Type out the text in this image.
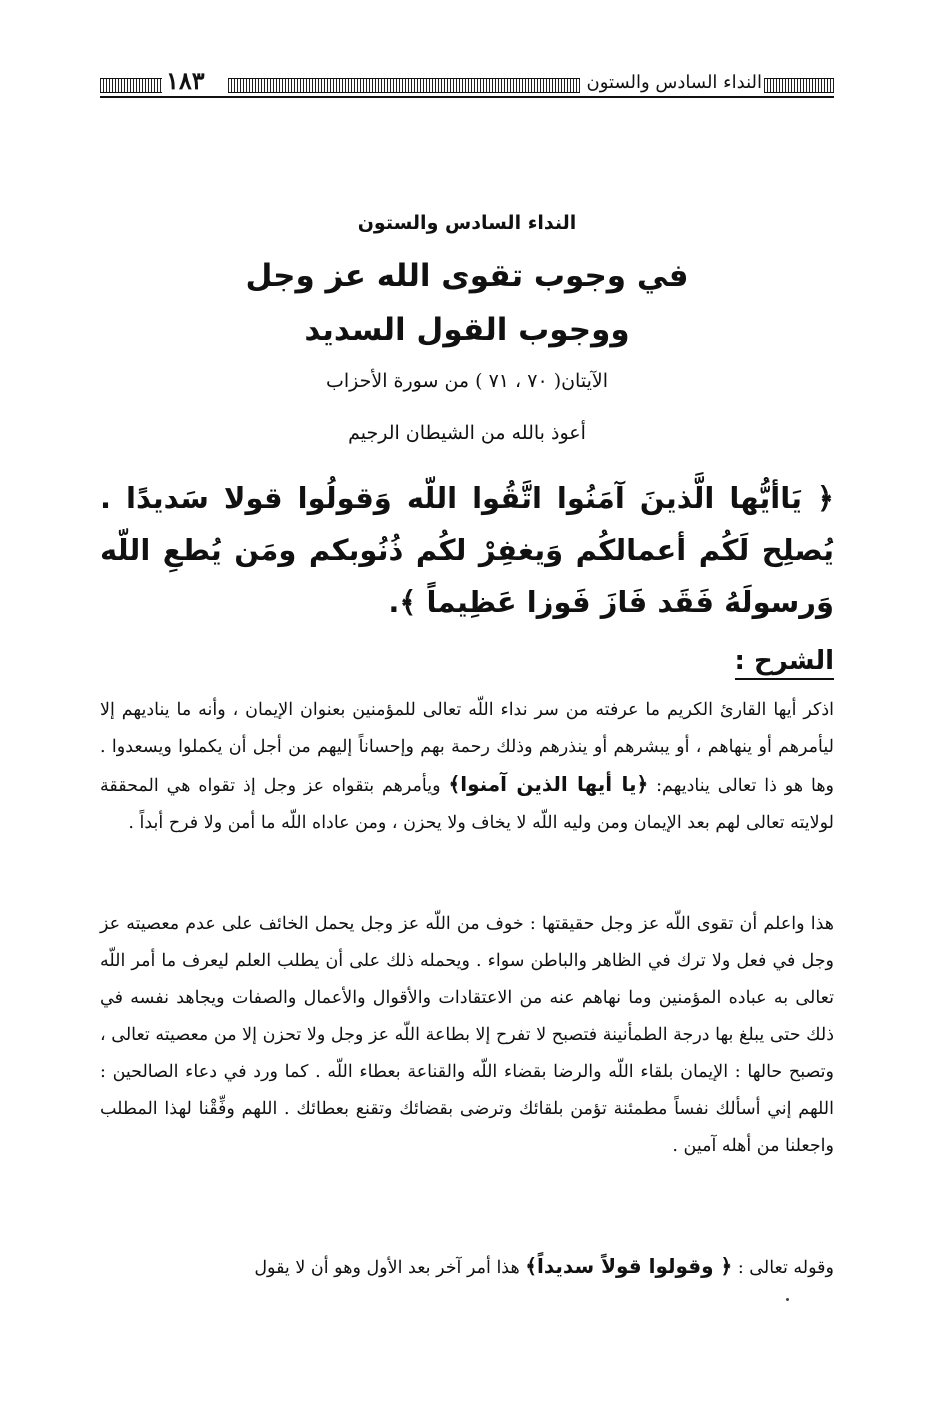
النداء السادس والستون
١٨٣
النداء السادس والستون
في وجوب تقوى الله عز وجل
ووجوب القول السديد
الآيتان( ٧٠ ، ٧١ ) من سورة الأحزاب
أعوذ بالله من الشيطان الرجيم
﴿ يَاأيُّها الَّذينَ آمَنُوا اتَّقُوا اللّه وَقولُوا قولا سَديدًا . يُصلِح لَكُم أعمالكُم وَيغفِرْ لكُم ذُنُوبكم ومَن يُطعِ اللّه وَرسولَهُ فَقَد فَازَ فَوزا عَظِيماً ﴾.
الشرح :
اذكر أيها القارئ الكريم ما عرفته من سر نداء اللّه تعالى للمؤمنين بعنوان الإيمان ، وأنه ما يناديهم إلا ليأمرهم أو ينهاهم ، أو يبشرهم أو ينذرهم وذلك رحمة بهم وإحساناً إليهم من أجل أن يكملوا ويسعدوا . وها هو ذا تعالى يناديهم: ﴿يا أيها الذين آمنوا﴾ ويأمرهم بتقواه عز وجل إذ تقواه هي المحققة لولايته تعالى لهم بعد الإيمان ومن وليه اللّه لا يخاف ولا يحزن ، ومن عاداه اللّه ما أمن ولا فرح أبداً .
هذا واعلم أن تقوى اللّه عز وجل حقيقتها : خوف من اللّه عز وجل يحمل الخائف على عدم معصيته عز وجل في فعل ولا ترك في الظاهر والباطن سواء . ويحمله ذلك على أن يطلب العلم ليعرف ما أمر اللّه تعالى به عباده المؤمنين وما نهاهم عنه من الاعتقادات والأقوال والأعمال والصفات ويجاهد نفسه في ذلك حتى يبلغ بها درجة الطمأنينة فتصبح لا تفرح إلا بطاعة اللّه عز وجل ولا تحزن إلا من معصيته تعالى ، وتصبح حالها : الإيمان بلقاء اللّه والرضا بقضاء اللّه والقناعة بعطاء اللّه . كما ورد في دعاء الصالحين : اللهم إني أسألك نفساً مطمئنة تؤمن بلقائك وترضى بقضائك وتقنع بعطائك . اللهم وفِّقْنا لهذا المطلب واجعلنا من أهله آمين .
وقوله تعالى : ﴿ وقولوا قولاً سديداً﴾ هذا أمر آخر بعد الأول وهو أن لا يقول
